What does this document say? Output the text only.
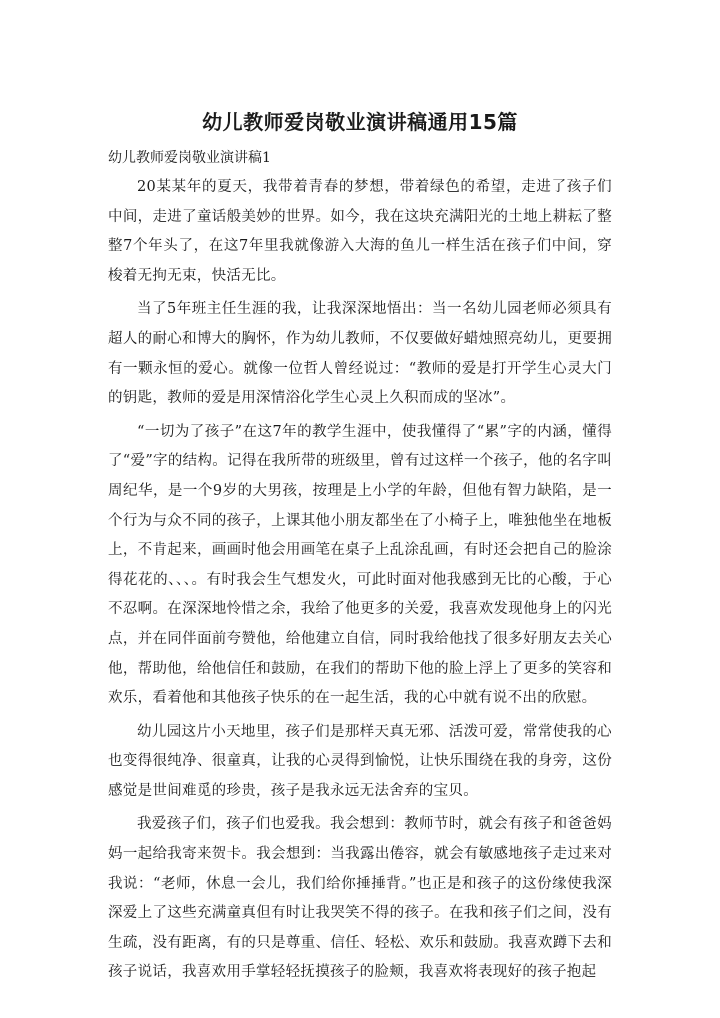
幼儿教师爱岗敬业演讲稿通用15篇

幼儿教师爱岗敬业演讲稿1

20某某年的夏天，我带着青春的梦想，带着绿色的希望，走进了孩子们中间，走进了童话般美妙的世界。如今，我在这块充满阳光的土地上耕耘了整整7个年头了，在这7年里我就像游入大海的鱼儿一样生活在孩子们中间，穿梭着无拘无束，快活无比。

当了5年班主任生涯的我，让我深深地悟出：当一名幼儿园老师必须具有超人的耐心和博大的胸怀，作为幼儿教师，不仅要做好蜡烛照亮幼儿，更要拥有一颗永恒的爱心。就像一位哲人曾经说过：“教师的爱是打开学生心灵大门的钥匙，教师的爱是用深情浴化学生心灵上久积而成的坚冰”。

“一切为了孩子”在这7年的教学生涯中，使我懂得了“累”字的内涵，懂得了“爱”字的结构。记得在我所带的班级里，曾有过这样一个孩子，他的名字叫周纪华，是一个9岁的大男孩，按理是上小学的年龄，但他有智力缺陷，是一个行为与众不同的孩子，上课其他小朋友都坐在了小椅子上，唯独他坐在地板上，不肯起来，画画时他会用画笔在桌子上乱涂乱画，有时还会把自己的脸涂得花花的、、、。有时我会生气想发火，可此时面对他我感到无比的心酸，于心不忍啊。在深深地怜惜之余，我给了他更多的关爱，我喜欢发现他身上的闪光点，并在同伴面前夸赞他，给他建立自信，同时我给他找了很多好朋友去关心他，帮助他，给他信任和鼓励，在我们的帮助下他的脸上浮上了更多的笑容和欢乐，看着他和其他孩子快乐的在一起生活，我的心中就有说不出的欣慰。

幼儿园这片小天地里，孩子们是那样天真无邪、活泼可爱，常常使我的心也变得很纯净、很童真，让我的心灵得到愉悦，让快乐围绕在我的身旁，这份感觉是世间难觅的珍贵，孩子是我永远无法舍弃的宝贝。

我爱孩子们，孩子们也爱我。我会想到：教师节时，就会有孩子和爸爸妈妈一起给我寄来贺卡。我会想到：当我露出倦容，就会有敏感地孩子走过来对我说：“老师，休息一会儿，我们给你捶捶背。”也正是和孩子的这份缘使我深深爱上了这些充满童真但有时让我哭笑不得的孩子。在我和孩子们之间，没有生疏，没有距离，有的只是尊重、信任、轻松、欢乐和鼓励。我喜欢蹲下去和孩子说话，我喜欢用手掌轻轻抚摸孩子的脸颊，我喜欢将表现好的孩子抱起
